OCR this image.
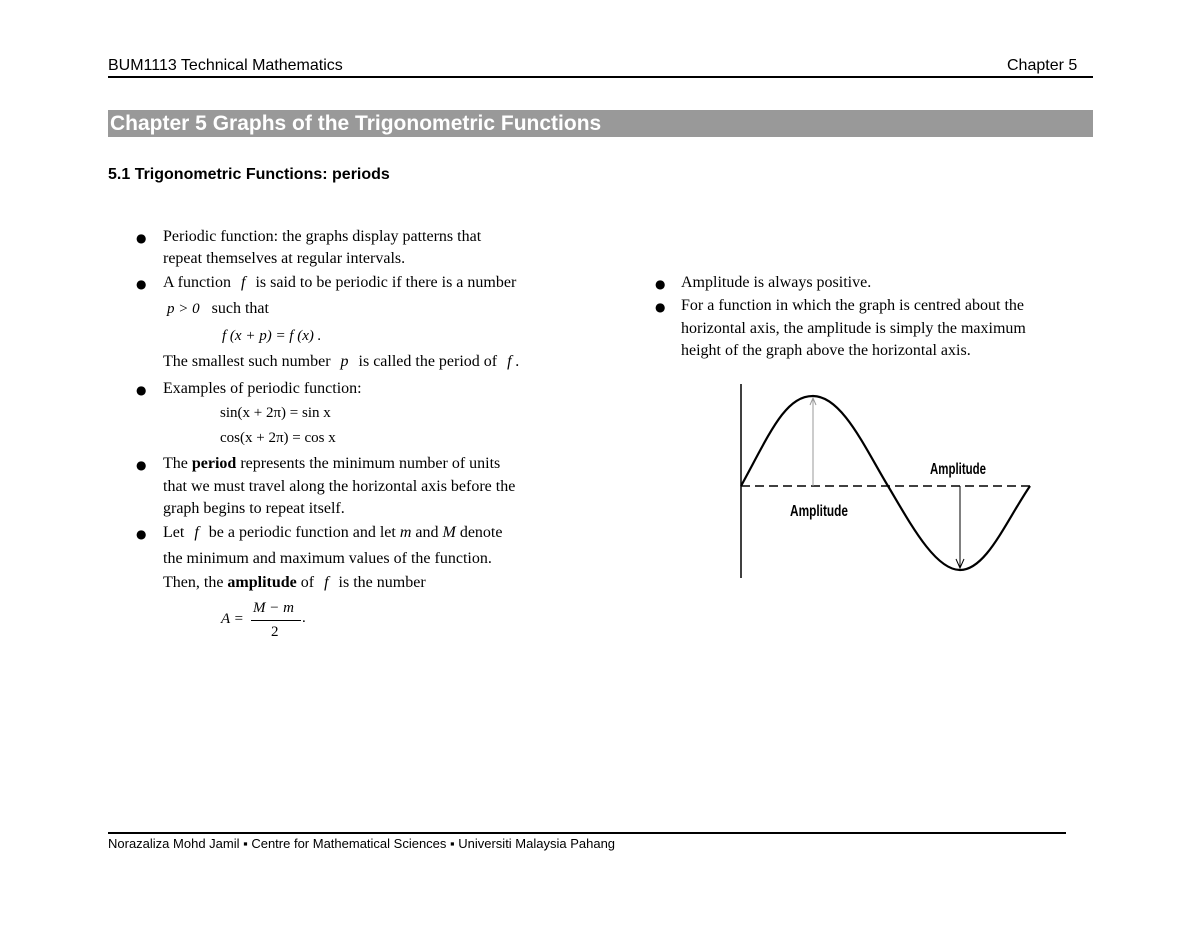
BUM1113 Technical Mathematics	Chapter 5
Chapter 5 Graphs of the Trigonometric Functions
5.1 Trigonometric Functions: periods
● Periodic function: the graphs display patterns that
repeat themselves at regular intervals.
● A function f is said to be periodic if there is a number
p > 0 such that
f (x + p) = f (x) .
The smallest such number p is called the period of f .
● Examples of periodic function:
sin(x + 2π) = sin x
cos(x + 2π) = cos x
● The period represents the minimum number of units
that we must travel along the horizontal axis before the
graph begins to repeat itself.
● Let f be a periodic function and let m and M denote
the minimum and maximum values of the function.
Then, the amplitude of f is the number
A =
M − m
2
.
● Amplitude is always positive.
● For a function in which the graph is centred about the
horizontal axis, the amplitude is simply the maximum
height of the graph above the horizontal axis.
Amplitude
Amplitude
Norazaliza Mohd Jamil ▪ Centre for Mathematical Sciences ▪ Universiti Malaysia Pahang
